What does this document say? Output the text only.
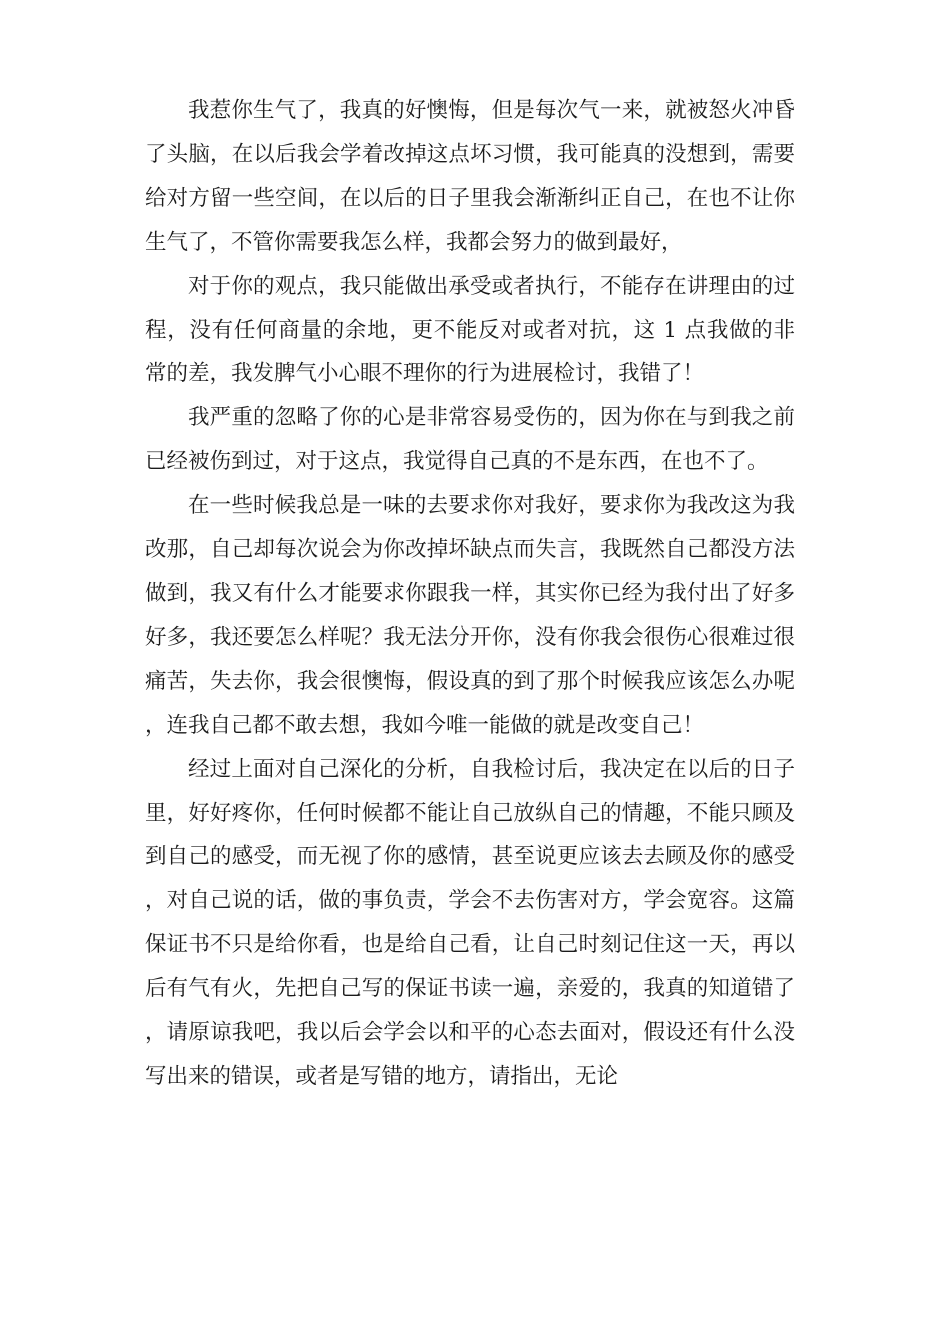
我惹你生气了，我真的好懊悔，但是每次气一来，就被怒火冲昏了头脑，在以后我会学着改掉这点坏习惯，我可能真的没想到，需要给对方留一些空间，在以后的日子里我会渐渐纠正自己，在也不让你生气了，不管你需要我怎么样，我都会努力的做到最好，

对于你的观点，我只能做出承受或者执行，不能存在讲理由的过程，没有任何商量的余地，更不能反对或者对抗，这 1 点我做的非常的差，我发脾气小心眼不理你的行为进展检讨，我错了！

我严重的忽略了你的心是非常容易受伤的，因为你在与到我之前已经被伤到过，对于这点，我觉得自己真的不是东西，在也不了。

在一些时候我总是一味的去要求你对我好，要求你为我改这为我改那，自己却每次说会为你改掉坏缺点而失言，我既然自己都没方法做到，我又有什么才能要求你跟我一样，其实你已经为我付出了好多好多，我还要怎么样呢？我无法分开你，没有你我会很伤心很难过很痛苦，失去你，我会很懊悔，假设真的到了那个时候我应该怎么办呢，连我自己都不敢去想，我如今唯一能做的就是改变自己！

经过上面对自己深化的分析，自我检讨后，我决定在以后的日子里，好好疼你，任何时候都不能让自己放纵自己的情趣，不能只顾及到自己的感受，而无视了你的感情，甚至说更应该去去顾及你的感受，对自己说的话，做的事负责，学会不去伤害对方，学会宽容。这篇保证书不只是给你看，也是给自己看，让自己时刻记住这一天，再以后有气有火，先把自己写的保证书读一遍，亲爱的，我真的知道错了，请原谅我吧，我以后会学会以和平的心态去面对，假设还有什么没写出来的错误，或者是写错的地方，请指出，无论
